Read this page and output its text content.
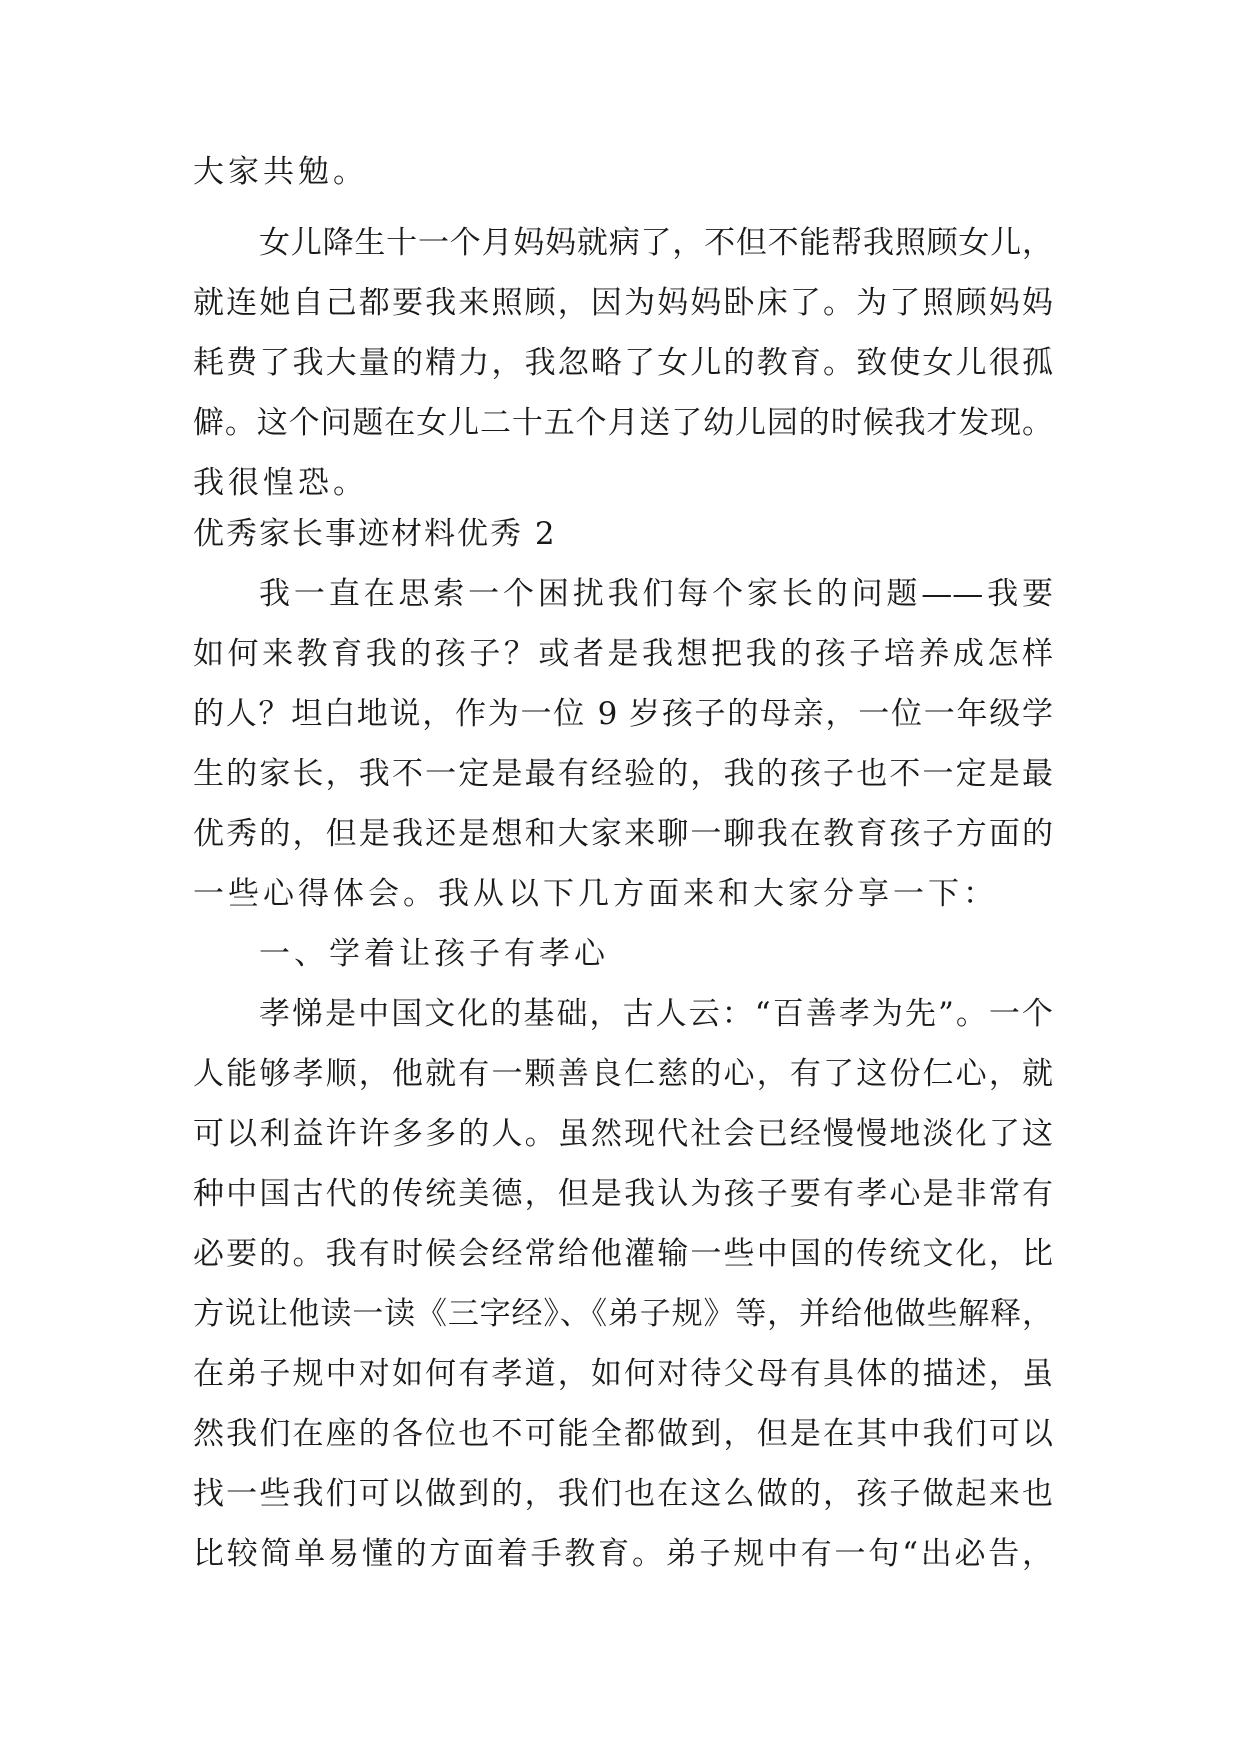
大家共勉。
女儿降生十一个月妈妈就病了，不但不能帮我照顾女儿，
就连她自己都要我来照顾，因为妈妈卧床了。为了照顾妈妈
耗费了我大量的精力，我忽略了女儿的教育。致使女儿很孤
僻。这个问题在女儿二十五个月送了幼儿园的时候我才发现。
我很惶恐。
优秀家长事迹材料优秀 2
我一直在思索一个困扰我们每个家长的问题——我要
如何来教育我的孩子？或者是我想把我的孩子培养成怎样
的人？坦白地说，作为一位 9 岁孩子的母亲，一位一年级学
生的家长，我不一定是最有经验的，我的孩子也不一定是最
优秀的，但是我还是想和大家来聊一聊我在教育孩子方面的
一些心得体会。我从以下几方面来和大家分享一下：
一、学着让孩子有孝心
孝悌是中国文化的基础，古人云：“百善孝为先”。一个
人能够孝顺，他就有一颗善良仁慈的心，有了这份仁心，就
可以利益许许多多的人。虽然现代社会已经慢慢地淡化了这
种中国古代的传统美德，但是我认为孩子要有孝心是非常有
必要的。我有时候会经常给他灌输一些中国的传统文化，比
方说让他读一读《三字经》、《弟子规》等，并给他做些解释，
在弟子规中对如何有孝道，如何对待父母有具体的描述，虽
然我们在座的各位也不可能全都做到，但是在其中我们可以
找一些我们可以做到的，我们也在这么做的，孩子做起来也
比较简单易懂的方面着手教育。弟子规中有一句“出必告，
